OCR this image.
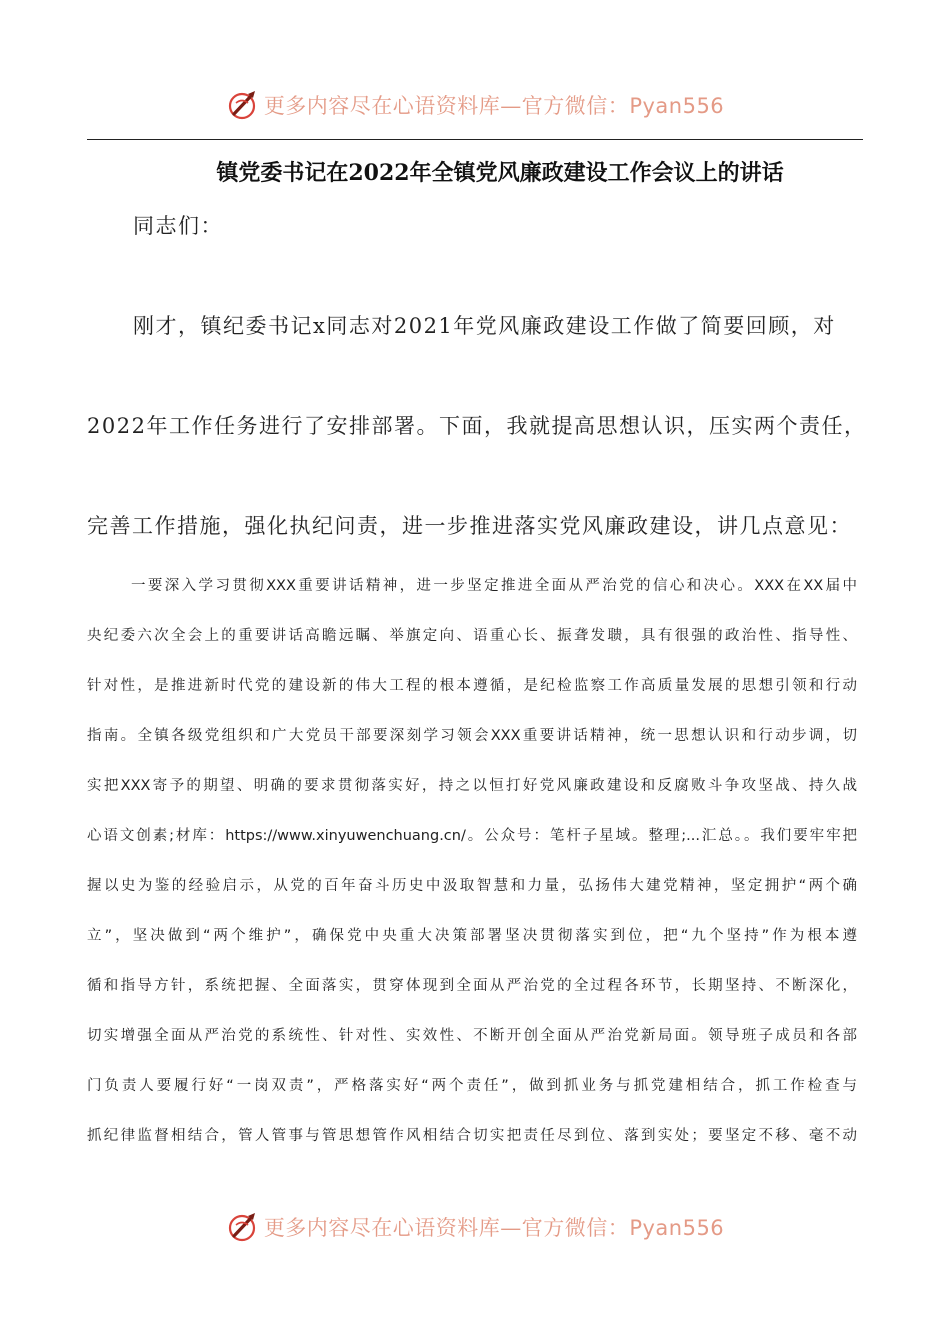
更多内容尽在心语资料库—官方微信：Pyan556
镇党委书记在2022年全镇党风廉政建设工作会议上的讲话
同志们：
刚才，镇纪委书记x同志对2021年党风廉政建设工作做了简要回顾，对
2022年工作任务进行了安排部署。下面，我就提高思想认识，压实两个责任，
完善工作措施，强化执纪问责，进一步推进落实党风廉政建设，讲几点意见：
一要深入学习贯彻XXX重要讲话精神，进一步坚定推进全面从严治党的信心和决心。XXX在XX届中
央纪委六次全会上的重要讲话高瞻远瞩、举旗定向、语重心长、振聋发聩，具有很强的政治性、指导性、
针对性，是推进新时代党的建设新的伟大工程的根本遵循，是纪检监察工作高质量发展的思想引领和行动
指南。全镇各级党组织和广大党员干部要深刻学习领会XXX重要讲话精神，统一思想认识和行动步调，切
实把XXX寄予的期望、明确的要求贯彻落实好，持之以恒打好党风廉政建设和反腐败斗争攻坚战、持久战
心语文创素;材库：https://www.xinyuwenchuang.cn/。公众号：笔杆子星域。整理;...汇总。。我们要牢牢把
握以史为鉴的经验启示，从党的百年奋斗历史中汲取智慧和力量，弘扬伟大建党精神，坚定拥护“两个确
立”，坚决做到“两个维护”，确保党中央重大决策部署坚决贯彻落实到位，把“九个坚持”作为根本遵
循和指导方针，系统把握、全面落实，贯穿体现到全面从严治党的全过程各环节，长期坚持、不断深化，
切实增强全面从严治党的系统性、针对性、实效性、不断开创全面从严治党新局面。领导班子成员和各部
门负责人要履行好“一岗双责”，严格落实好“两个责任”，做到抓业务与抓党建相结合，抓工作检查与
抓纪律监督相结合，管人管事与管思想管作风相结合切实把责任尽到位、落到实处；要坚定不移、毫不动
更多内容尽在心语资料库—官方微信：Pyan556
